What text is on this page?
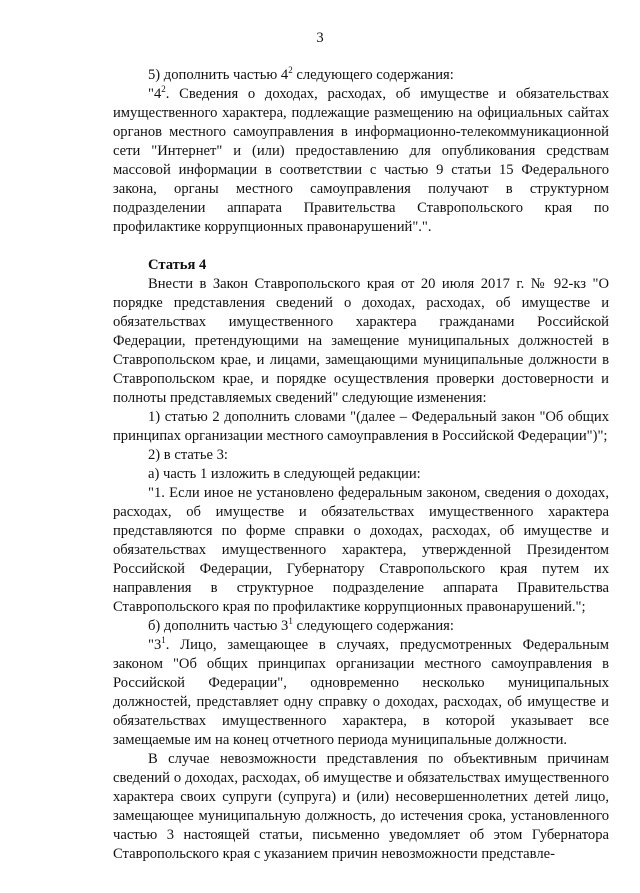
3

5) дополнить частью $4^2$ следующего содержания:

"$4^2$. Сведения о доходах, расходах, об имуществе и обязательствах имущественного характера, подлежащие размещению на официальных сайтах органов местного самоуправления в информационно-телекоммуникационной сети "Интернет" и (или) предоставлению для опубликования средствам массовой информации в соответствии с частью 9 статьи 15 Федерального закона, органы местного самоуправления получают в структурном подразделении аппарата Правительства Ставропольского края по профилактике коррупционных правонарушений".".

Статья 4

Внести в Закон Ставропольского края от 20 июля 2017 г. № 92-кз "О порядке представления сведений о доходах, расходах, об имуществе и обязательствах имущественного характера гражданами Российской Федерации, претендующими на замещение муниципальных должностей в Ставропольском крае, и лицами, замещающими муниципальные должности в Ставропольском крае, и порядке осуществления проверки достоверности и полноты представляемых сведений" следующие изменения:

1) статью 2 дополнить словами "(далее – Федеральный закон "Об общих принципах организации местного самоуправления в Российской Федерации")";

2) в статье 3:

а) часть 1 изложить в следующей редакции:

"1. Если иное не установлено федеральным законом, сведения о доходах, расходах, об имуществе и обязательствах имущественного характера представляются по форме справки о доходах, расходах, об имуществе и обязательствах имущественного характера, утвержденной Президентом Российской Федерации, Губернатору Ставропольского края путем их направления в структурное подразделение аппарата Правительства Ставропольского края по профилактике коррупционных правонарушений.";

б) дополнить частью $3^1$ следующего содержания:

"$3^1$. Лицо, замещающее в случаях, предусмотренных Федеральным законом "Об общих принципах организации местного самоуправления в Российской Федерации", одновременно несколько муниципальных должностей, представляет одну справку о доходах, расходах, об имуществе и обязательствах имущественного характера, в которой указывает все замещаемые им на конец отчетного периода муниципальные должности.

В случае невозможности представления по объективным причинам сведений о доходах, расходах, об имуществе и обязательствах имущественного характера своих супруги (супруга) и (или) несовершеннолетних детей лицо, замещающее муниципальную должность, до истечения срока, установленного частью 3 настоящей статьи, письменно уведомляет об этом Губернатора Ставропольского края с указанием причин невозможности представле-
